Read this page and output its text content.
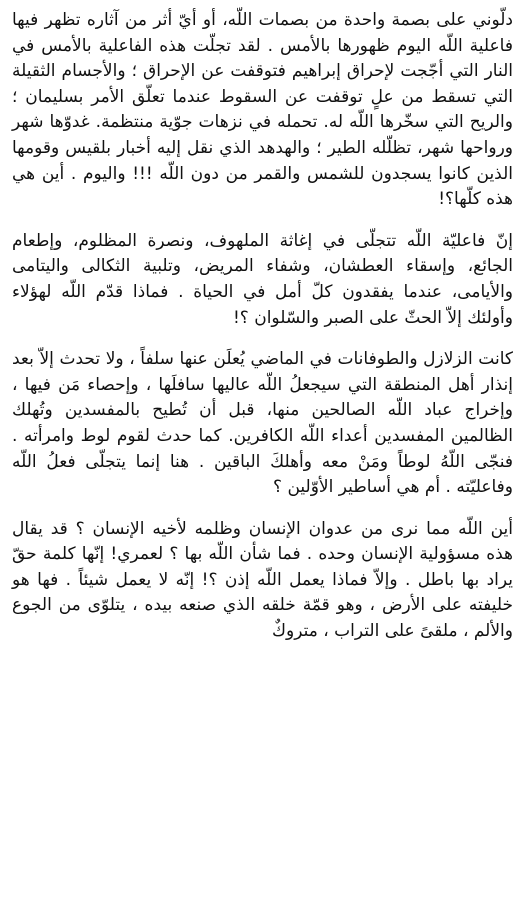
دلّوني على بصمة واحدة من بصمات اللّه، أو أيّ أثر من آثاره تظهر فيها فاعلية اللّه اليوم ظهورها بالأمس . لقد تجلّت هذه الفاعلية بالأمس في النار التي أجّجت لإحراق إبراهيم فتوقفت عن الإحراق ؛ والأجسام الثقيلة التي تسقط من علٍ توقفت عن السقوط عندما تعلّق الأمر بسليمان ؛ والريح التي سخّرها اللّه له. تحمله في نزهات جوّية منتظمة. غدوّها شهر ورواحها شهر، تظلّله الطير ؛ والهدهد الذي نقل إليه أخبار بلقيس وقومها الذين كانوا يسجدون للشمس والقمر من دون اللّه !!! واليوم . أين هي هذه كلّها؟!

إنّ فاعليّة اللّه تتجلّى في إغاثة الملهوف، ونصرة المظلوم، وإطعام الجائع، وإسقاء العطشان، وشفاء المريض، وتلبية الثكالى واليتامى والأيامى، عندما يفقدون كلّ أمل في الحياة . فماذا قدّم اللّه لهؤلاء وأولئك إلاّ الحثّ على الصبر والسّلوان ؟!

كانت الزلازل والطوفانات في الماضي يُعلَن عنها سلفاً ، ولا تحدث إلاّ بعد إنذار أهل المنطقة التي سيجعلُ اللّه عاليها سافلَها ، وإحصاء مَن فيها ، وإخراج عباد اللّه الصالحين منها، قبل أن تُطيح بالمفسدين وتُهلك الظالمين المفسدين أعداء اللّه الكافرين. كما حدث لقوم لوط وامرأته . فنجّى اللّهُ لوطاً ومَنْ معه وأهلكَ الباقين . هنا إنما يتجلّى فعلُ اللّه وفاعليّته . أم هي أساطير الأوّلين ؟

أين اللّه مما نرى من عدوان الإنسان وظلمه لأخيه الإنسان ؟ قد يقال هذه مسؤولية الإنسان وحده . فما شأن اللّه بها ؟ لعمري! إنّها كلمة حقّ يراد بها باطل . وإلاّ فماذا يعمل اللّه إذن ؟! إنّه لا يعمل شيئاً . فها هو خليفته على الأرض ، وهو قمّة خلقه الذي صنعه بيده ، يتلوّى من الجوع والألم ، ملقىً على التراب ، متروكٌ
